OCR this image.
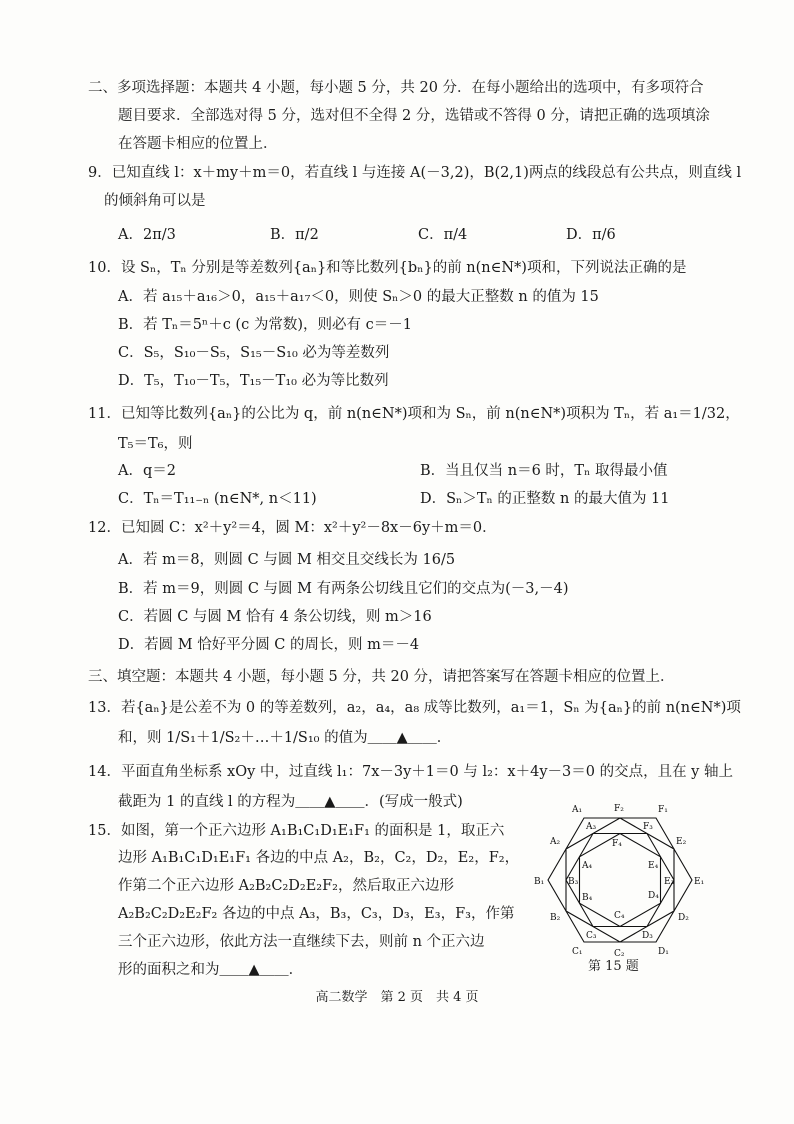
二、多项选择题：本题共 4 小题，每小题 5 分，共 20 分．在每小题给出的选项中，有多项符合
题目要求．全部选对得 5 分，选对但不全得 2 分，选错或不答得 0 分，请把正确的选项填涂
在答题卡相应的位置上．
9．已知直线 l：x＋my＋m＝0，若直线 l 与连接 A(－3,2)，B(2,1)两点的线段总有公共点，则直线 l
的倾斜角可以是
A．2π/3	B．π/2	C．π/4	D．π/6
10．设 Sₙ，Tₙ 分别是等差数列{aₙ}和等比数列{bₙ}的前 n(n∈N*)项和，下列说法正确的是
A．若 a₁₅＋a₁₆＞0，a₁₅＋a₁₇＜0，则使 Sₙ＞0 的最大正整数 n 的值为 15
B．若 Tₙ＝5ⁿ＋c (c 为常数)，则必有 c＝－1
C．S₅，S₁₀－S₅，S₁₅－S₁₀ 必为等差数列
D．T₅，T₁₀－T₅，T₁₅－T₁₀ 必为等比数列
11．已知等比数列{aₙ}的公比为 q，前 n(n∈N*)项和为 Sₙ，前 n(n∈N*)项积为 Tₙ，若 a₁＝1/32，
T₅＝T₆，则
A．q＝2	B．当且仅当 n＝6 时，Tₙ 取得最小值
C．Tₙ＝T₁₁₋ₙ (n∈N*, n＜11)	D．Sₙ＞Tₙ 的正整数 n 的最大值为 11
12．已知圆 C：x²＋y²＝4，圆 M：x²＋y²－8x－6y＋m＝0．
A．若 m＝8，则圆 C 与圆 M 相交且交线长为 16/5
B．若 m＝9，则圆 C 与圆 M 有两条公切线且它们的交点为(－3,－4)
C．若圆 C 与圆 M 恰有 4 条公切线，则 m＞16
D．若圆 M 恰好平分圆 C 的周长，则 m＝－4
三、填空题：本题共 4 小题，每小题 5 分，共 20 分，请把答案写在答题卡相应的位置上．
13．若{aₙ}是公差不为 0 的等差数列，a₂，a₄，a₈ 成等比数列，a₁＝1，Sₙ 为{aₙ}的前 n(n∈N*)项
和，则 1/S₁＋1/S₂＋…＋1/S₁₀ 的值为＿＿▲＿＿．
14．平面直角坐标系 xOy 中，过直线 l₁：7x－3y＋1＝0 与 l₂：x＋4y－3＝0 的交点，且在 y 轴上
截距为 1 的直线 l 的方程为＿＿▲＿＿．(写成一般式)
15．如图，第一个正六边形 A₁B₁C₁D₁E₁F₁ 的面积是 1，取正六
边形 A₁B₁C₁D₁E₁F₁ 各边的中点 A₂，B₂，C₂，D₂，E₂，F₂，
作第二个正六边形 A₂B₂C₂D₂E₂F₂，然后取正六边形
A₂B₂C₂D₂E₂F₂ 各边的中点 A₃，B₃，C₃，D₃，E₃，F₃，作第
三个正六边形，依此方法一直继续下去，则前 n 个正六边
形的面积之和为＿＿▲＿＿．
A₁	F₂	F₁
A₃	F₃
A₂	E₂
F₄
A₄	E₄
B₁	B₃	E₃ E₁
B₄	D₄
B₂	C₄	D₂
C₃	D₃
C₁	C₂	D₁
第 15 题
高二数学　第 2 页　共 4 页
